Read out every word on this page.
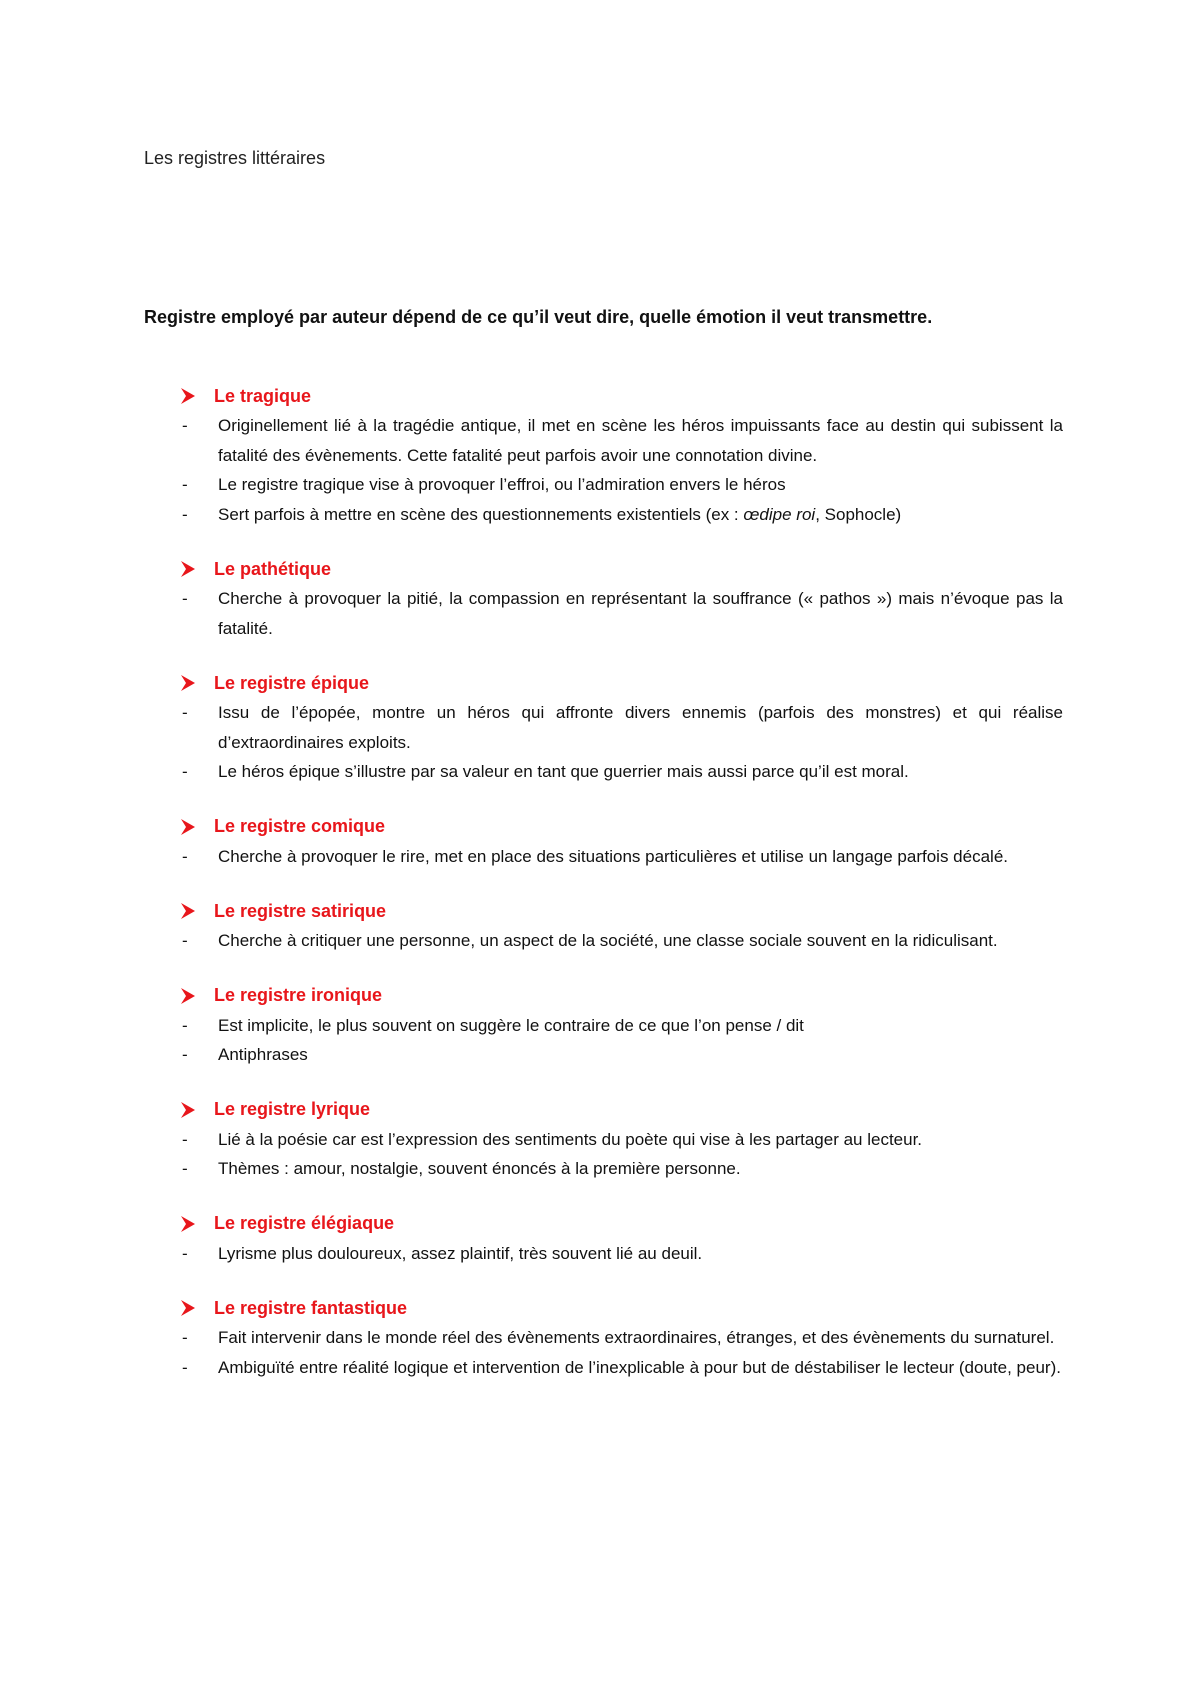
Les registres littéraires

Registre employé par auteur dépend de ce qu’il veut dire, quelle émotion il veut transmettre.

Le tragique
- Originellement lié à la tragédie antique, il met en scène les héros impuissants face au destin qui subissent la fatalité des évènements. Cette fatalité peut parfois avoir une connotation divine.
- Le registre tragique vise à provoquer l’effroi, ou l’admiration envers le héros
- Sert parfois à mettre en scène des questionnements existentiels (ex : œdipe roi, Sophocle)
Le pathétique
- Cherche à provoquer la pitié, la compassion en représentant la souffrance (« pathos ») mais n’évoque pas la fatalité.
Le registre épique
- Issu de l’épopée, montre un héros qui affronte divers ennemis (parfois des monstres) et qui réalise d’extraordinaires exploits.
- Le héros épique s’illustre par sa valeur en tant que guerrier mais aussi parce qu’il est moral.
Le registre comique
- Cherche à provoquer le rire, met en place des situations particulières et utilise un langage parfois décalé.
Le registre satirique
- Cherche à critiquer une personne, un aspect de la société, une classe sociale souvent en la ridiculisant.
Le registre ironique
- Est implicite, le plus souvent on suggère le contraire de ce que l’on pense / dit
- Antiphrases
Le registre lyrique
- Lié à la poésie car est l’expression des sentiments du poète qui vise à les partager au lecteur.
- Thèmes : amour, nostalgie, souvent énoncés à la première personne.
Le registre élégiaque
- Lyrisme plus douloureux, assez plaintif, très souvent lié au deuil.
Le registre fantastique
- Fait intervenir dans le monde réel des évènements extraordinaires, étranges, et des évènements du surnaturel.
- Ambiguïté entre réalité logique et intervention de l’inexplicable à pour but de déstabiliser le lecteur (doute, peur).
